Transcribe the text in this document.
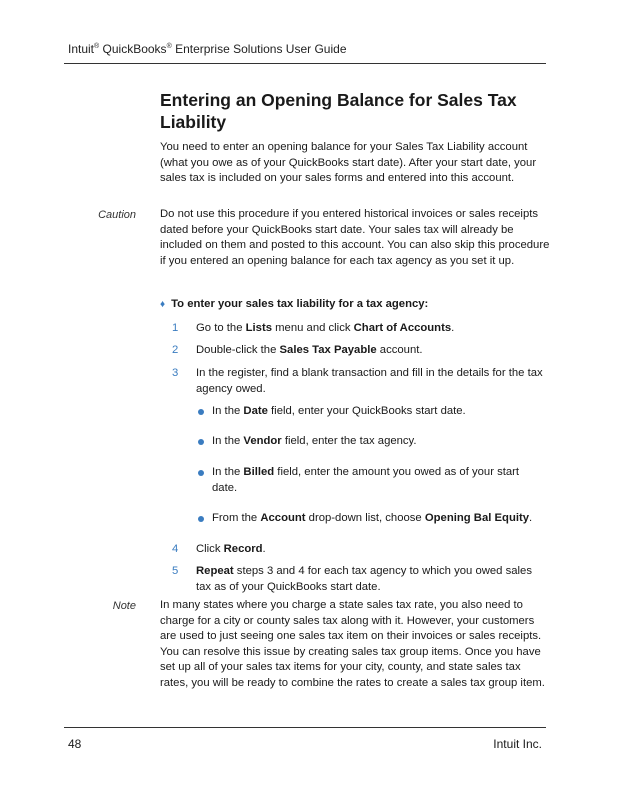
Intuit® QuickBooks® Enterprise Solutions User Guide
Entering an Opening Balance for Sales Tax Liability
You need to enter an opening balance for your Sales Tax Liability account (what you owe as of your QuickBooks start date). After your start date, your sales tax is included on your sales forms and entered into this account.
Caution Do not use this procedure if you entered historical invoices or sales receipts dated before your QuickBooks start date. Your sales tax will already be included on them and posted to this account. You can also skip this procedure if you entered an opening balance for each tax agency as you set it up.
♦ To enter your sales tax liability for a tax agency:
1 Go to the Lists menu and click Chart of Accounts.
2 Double-click the Sales Tax Payable account.
3 In the register, find a blank transaction and fill in the details for the tax agency owed.
In the Date field, enter your QuickBooks start date.
In the Vendor field, enter the tax agency.
In the Billed field, enter the amount you owed as of your start date.
From the Account drop-down list, choose Opening Bal Equity.
4 Click Record.
5 Repeat steps 3 and 4 for each tax agency to which you owed sales tax as of your QuickBooks start date.
Note In many states where you charge a state sales tax rate, you also need to charge for a city or county sales tax along with it. However, your customers are used to just seeing one sales tax item on their invoices or sales receipts. You can resolve this issue by creating sales tax group items. Once you have set up all of your sales tax items for your city, county, and state sales tax rates, you will be ready to combine the rates to create a sales tax group item.
48	Intuit Inc.
